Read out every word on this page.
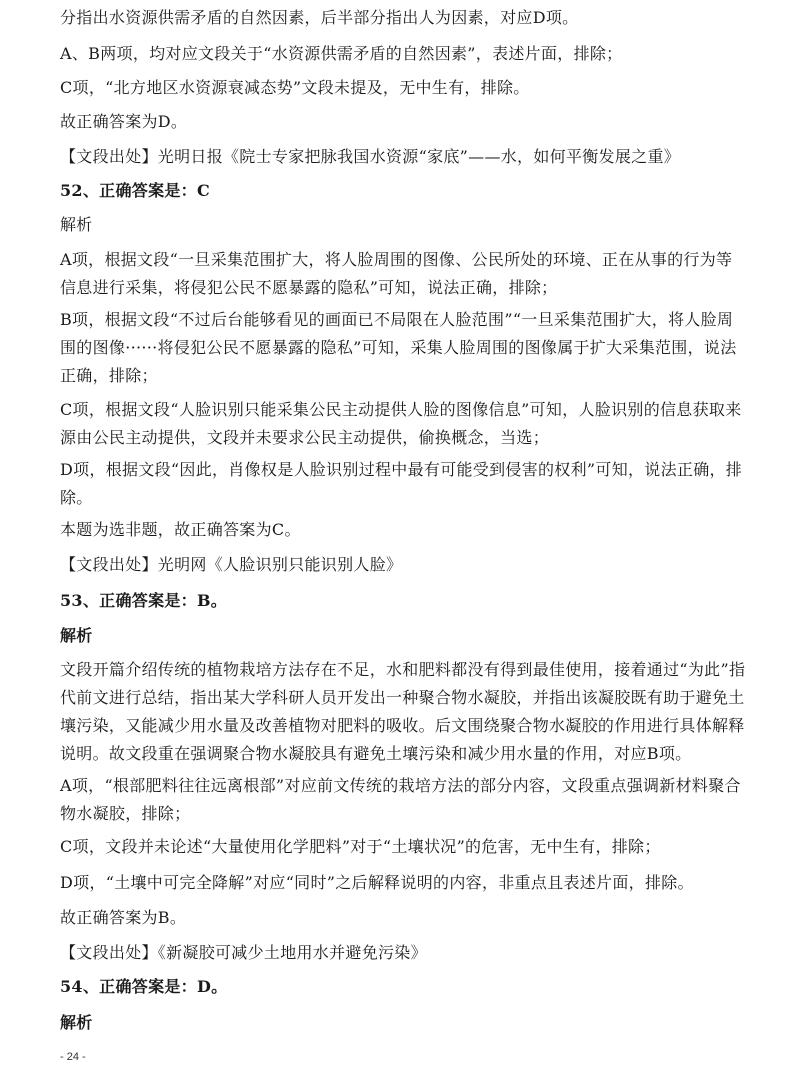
分指出水资源供需矛盾的自然因素，后半部分指出人为因素，对应D项。

A、B两项，均对应文段关于“水资源供需矛盾的自然因素”，表述片面，排除；

C项，“北方地区水资源衰减态势”文段未提及，无中生有，排除。

故正确答案为D。

【文段出处】光明日报《院士专家把脉我国水资源“家底”——水，如何平衡发展之重》

52、正确答案是：C

解析

A项，根据文段“一旦采集范围扩大，将人脸周围的图像、公民所处的环境、正在从事的行为等信息进行采集，将侵犯公民不愿暴露的隐私”可知，说法正确，排除；

B项，根据文段“不过后台能够看见的画面已不局限在人脸范围”“一旦采集范围扩大，将人脸周围的图像······将侵犯公民不愿暴露的隐私”可知，采集人脸周围的图像属于扩大采集范围，说法正确，排除；

C项，根据文段“人脸识别只能采集公民主动提供人脸的图像信息”可知，人脸识别的信息获取来源由公民主动提供，文段并未要求公民主动提供，偷换概念，当选；

D项，根据文段“因此，肖像权是人脸识别过程中最有可能受到侵害的权利”可知，说法正确，排除。

本题为选非题，故正确答案为C。

【文段出处】光明网《人脸识别只能识别人脸》

53、正确答案是：B。

解析

文段开篇介绍传统的植物栽培方法存在不足，水和肥料都没有得到最佳使用，接着通过“为此”指代前文进行总结，指出某大学科研人员开发出一种聚合物水凝胶，并指出该凝胶既有助于避免土壤污染，又能减少用水量及改善植物对肥料的吸收。后文围绕聚合物水凝胶的作用进行具体解释说明。故文段重在强调聚合物水凝胶具有避免土壤污染和减少用水量的作用，对应B项。

A项，“根部肥料往往远离根部”对应前文传统的栽培方法的部分内容，文段重点强调新材料聚合物水凝胶，排除；

C项，文段并未论述“大量使用化学肥料”对于“土壤状况”的危害，无中生有，排除；

D项，“土壤中可完全降解”对应“同时”之后解释说明的内容，非重点且表述片面，排除。

故正确答案为B。

【文段出处】《新凝胶可减少土地用水并避免污染》

54、正确答案是：D。

解析

- 24 -
